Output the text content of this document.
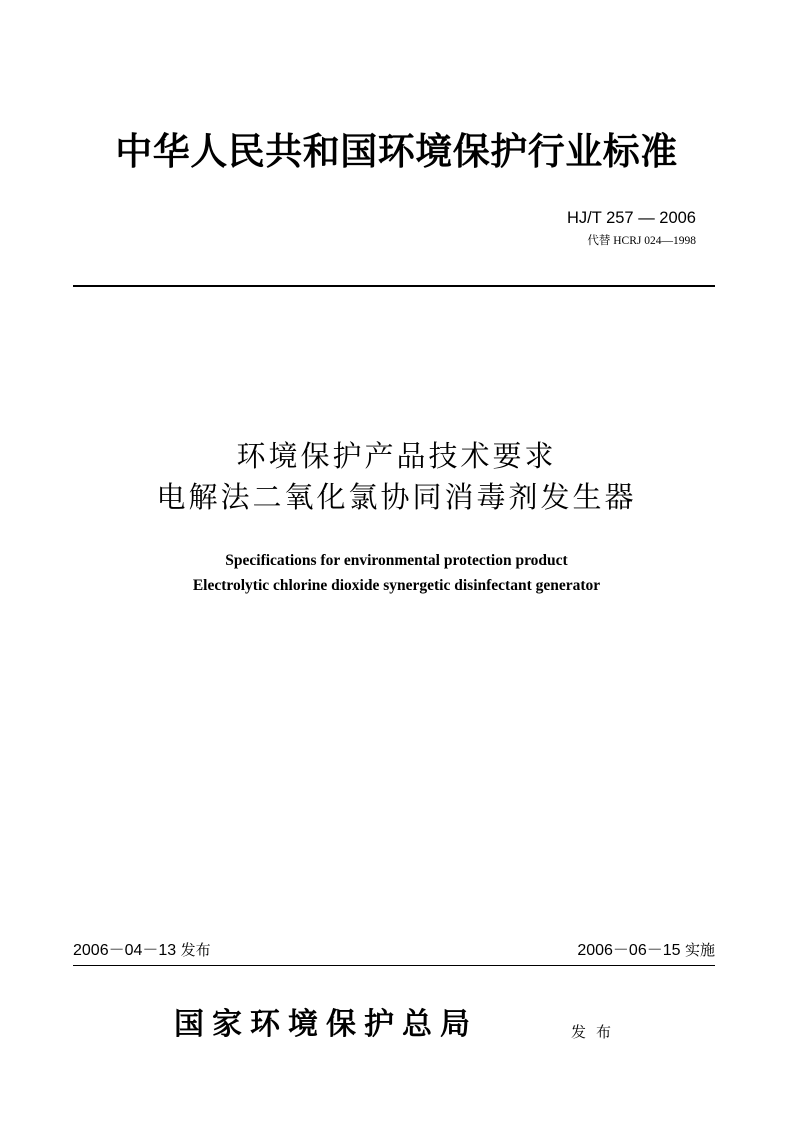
中华人民共和国环境保护行业标准
HJ/T 257 — 2006
代替 HCRJ 024—1998
环境保护产品技术要求
电解法二氧化氯协同消毒剂发生器
Specifications for environmental protection product
Electrolytic chlorine dioxide synergetic disinfectant generator
2006－04－13 发布	2006－06－15 实施
国家环境保护总局	发布
